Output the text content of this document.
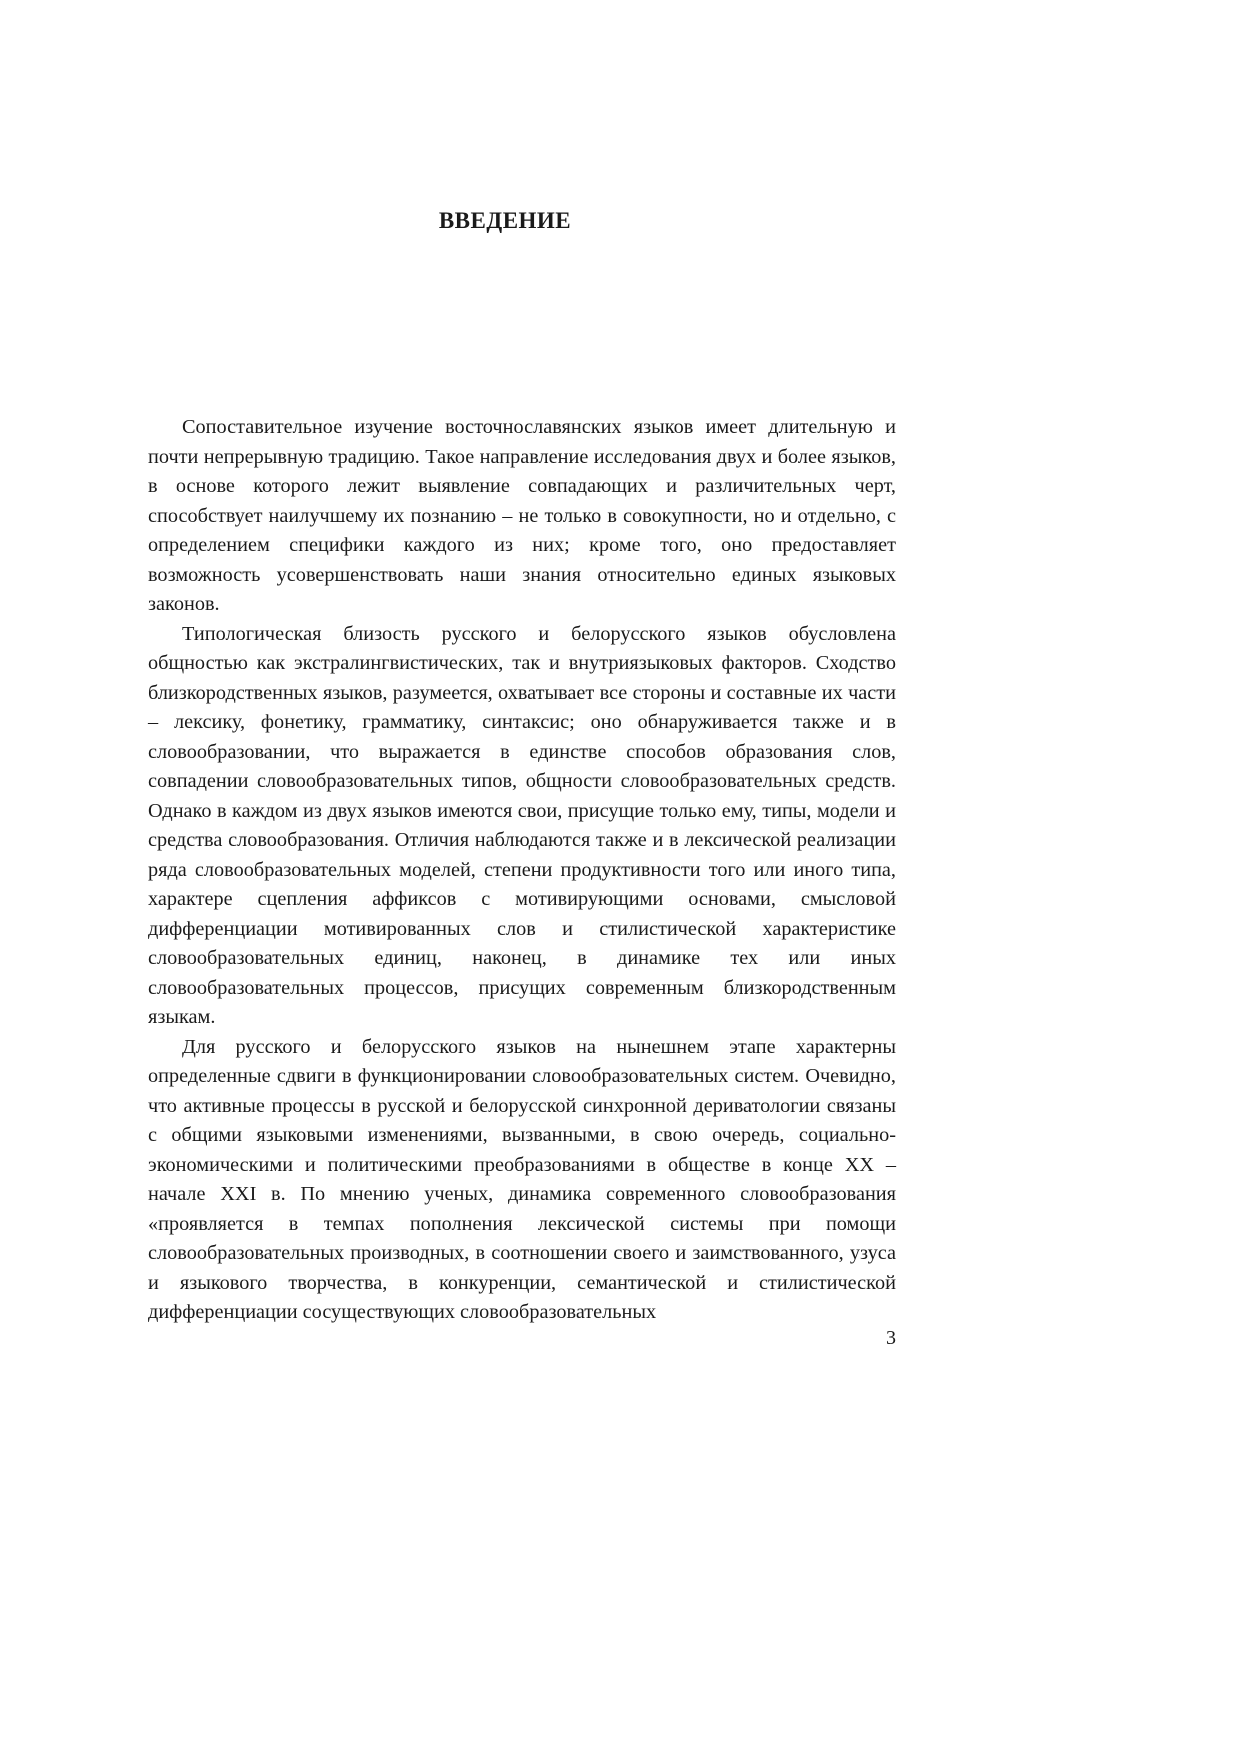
ВВЕДЕНИЕ

Сопоставительное изучение восточнославянских языков имеет длительную и почти непрерывную традицию. Такое направление исследования двух и более языков, в основе которого лежит выявление совпадающих и различительных черт, способствует наилучшему их познанию – не только в совокупности, но и отдельно, с определением специфики каждого из них; кроме того, оно предоставляет возможность усовершенствовать наши знания относительно единых языковых законов.

Типологическая близость русского и белорусского языков обусловлена общностью как экстралингвистических, так и внутриязыковых факторов. Сходство близкородственных языков, разумеется, охватывает все стороны и составные их части – лексику, фонетику, грамматику, синтаксис; оно обнаруживается также и в словообразовании, что выражается в единстве способов образования слов, совпадении словообразовательных типов, общности словообразовательных средств. Однако в каждом из двух языков имеются свои, присущие только ему, типы, модели и средства словообразования. Отличия наблюдаются также и в лексической реализации ряда словообразовательных моделей, степени продуктивности того или иного типа, характере сцепления аффиксов с мотивирующими основами, смысловой дифференциации мотивированных слов и стилистической характеристике словообразовательных единиц, наконец, в динамике тех или иных словообразовательных процессов, присущих современным близкородственным языкам.

Для русского и белорусского языков на нынешнем этапе характерны определенные сдвиги в функционировании словообразовательных систем. Очевидно, что активные процессы в русской и белорусской синхронной дериватологии связаны с общими языковыми изменениями, вызванными, в свою очередь, социально-экономическими и политическими преобразованиями в обществе в конце XX – начале XXI в. По мнению ученых, динамика современного словообразования «проявляется в темпах пополнения лексической системы при помощи словообразовательных производных, в соотношении своего и заимствованного, узуса и языкового творчества, в конкуренции, семантической и стилистической дифференциации сосуществующих словообразовательных

3
